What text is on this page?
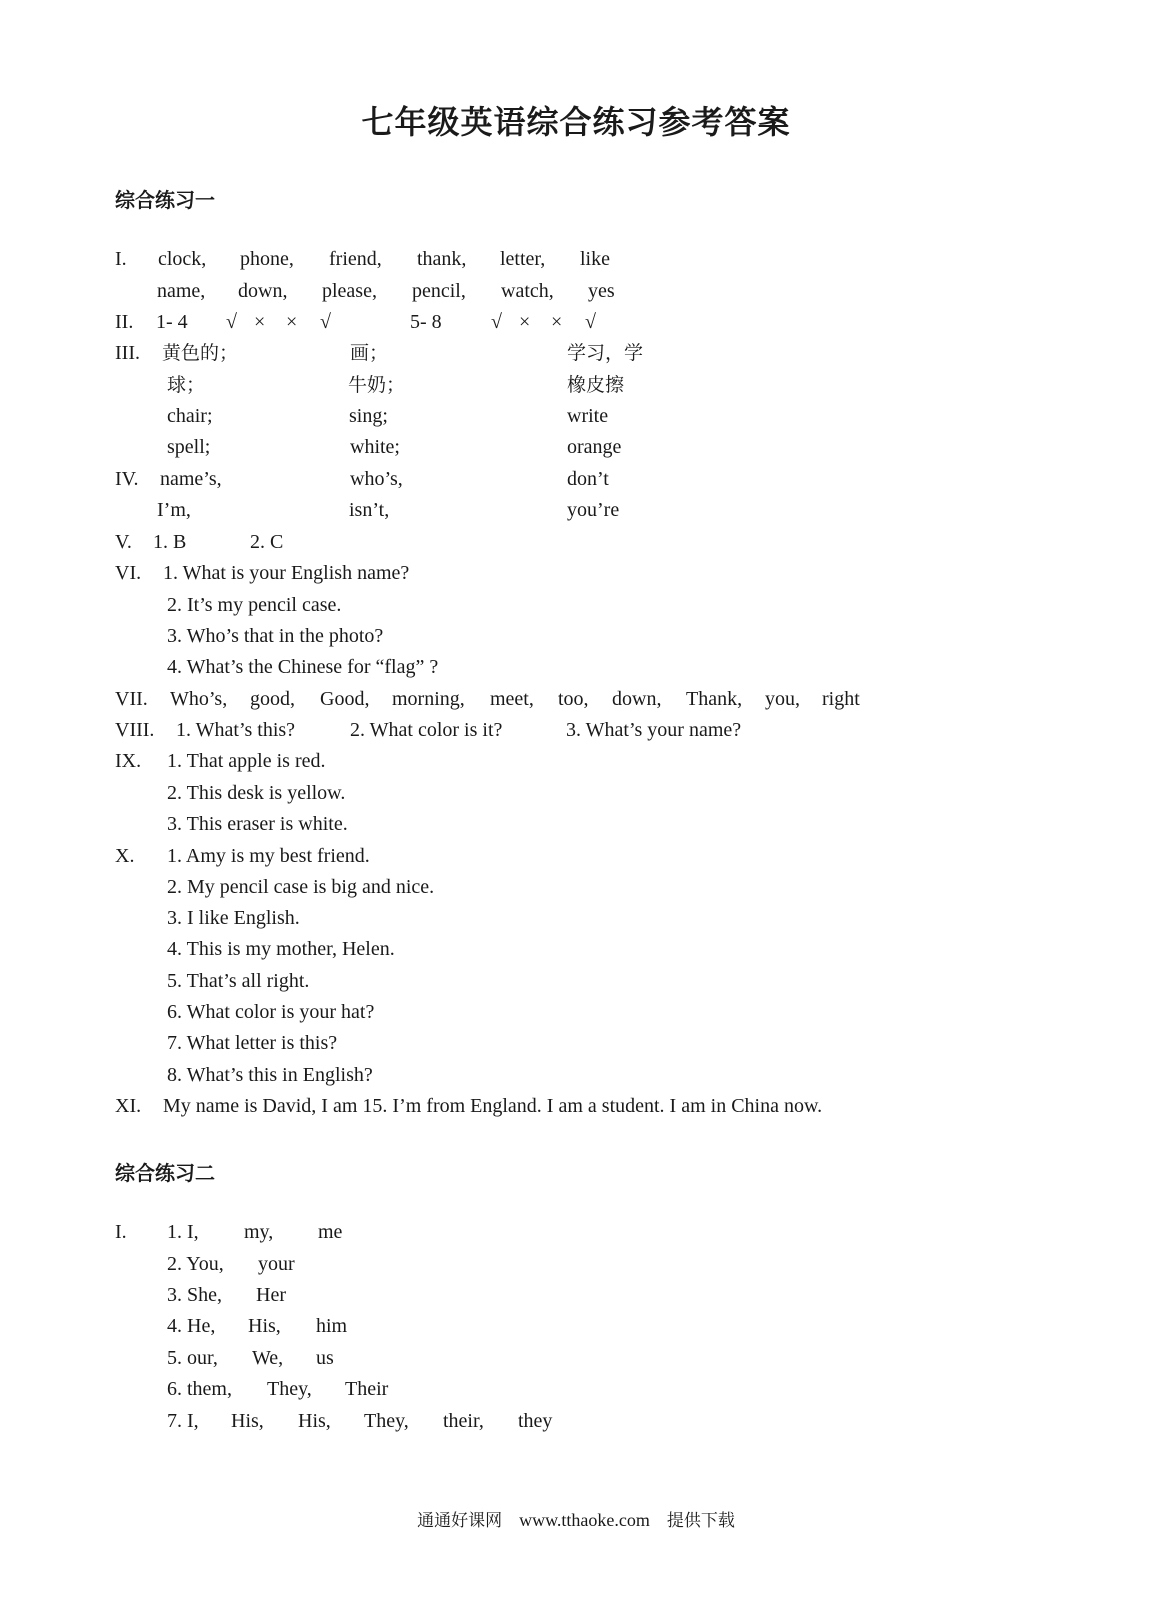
七年级英语综合练习参考答案
综合练习一
I. clock, phone, friend, thank, letter, like
name, down, please, pencil, watch, yes
II. 1- 4 √ × × √	5- 8 √ × × √
III. 黄色的；	画；	学习，学
球；	牛奶；	橡皮擦
chair;	sing;	write
spell;	white;	orange
IV. name’s,	who’s,	don’t
I’m,	isn’t,	you’re
V. 1. B	2. C
VI. 1. What is your English name?
2. It’s my pencil case.
3. Who’s that in the photo?
4. What’s the Chinese for “flag” ?
VII. Who’s, good, Good, morning, meet, too, down, Thank, you, right
VIII. 1. What’s this?	2. What color is it?	3. What’s your name?
IX. 1. That apple is red.
2. This desk is yellow.
3. This eraser is white.
X. 1. Amy is my best friend.
2. My pencil case is big and nice.
3. I like English.
4. This is my mother, Helen.
5. That’s all right.
6. What color is your hat?
7. What letter is this?
8. What’s this in English?
XI. My name is David, I am 15. I’m from England. I am a student. I am in China now.
综合练习二
I. 1. I, my, me
2. You, your
3. She, Her
4. He, His, him
5. our, We, us
6. them, They, Their
7. I, His, His, They, their, they
通通好课网 www.tthaoke.com 提供下载
